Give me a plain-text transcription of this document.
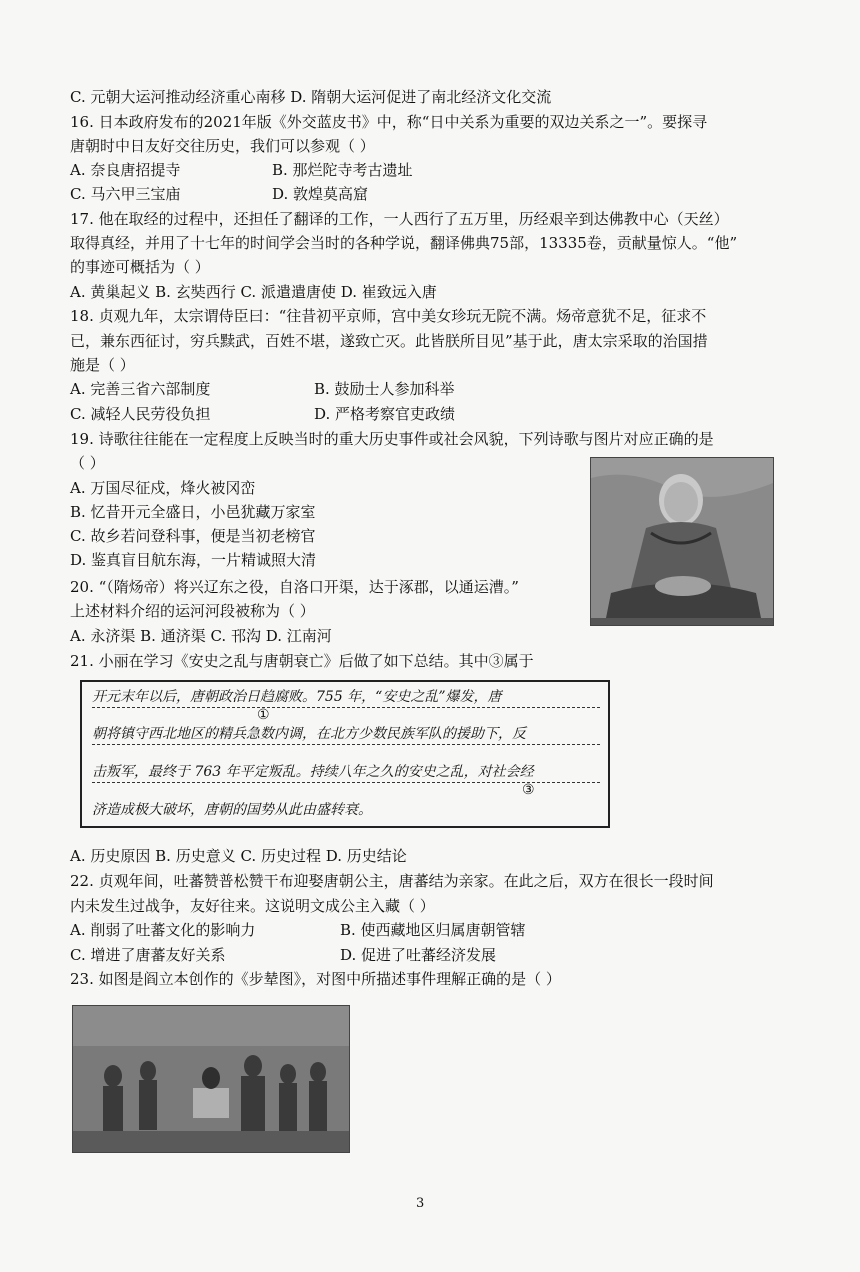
C. 元朝大运河推动经济重心南移 D. 隋朝大运河促进了南北经济文化交流
16. 日本政府发布的2021年版《外交蓝皮书》中，称“日中关系为重要的双边关系之一”。要探寻
唐朝时中日友好交往历史，我们可以参观（ ）
A. 奈良唐招提寺	B. 那烂陀寺考古遗址
C. 马六甲三宝庙	D. 敦煌莫高窟
17. 他在取经的过程中，还担任了翻译的工作，一人西行了五万里，历经艰辛到达佛教中心（天丝）
取得真经，并用了十七年的时间学会当时的各种学说，翻译佛典75部，13335卷，贡献量惊人。“他”
的事迹可概括为（ ）
A. 黄巢起义 B. 玄奘西行 C. 派遣遣唐使 D. 崔致远入唐
18. 贞观九年，太宗谓侍臣曰：“往昔初平京师，宫中美女珍玩无院不满。炀帝意犹不足，征求不
已，兼东西征讨，穷兵黩武，百姓不堪，遂致亡灭。此皆朕所目见”基于此，唐太宗采取的治国措
施是（ ）
A. 完善三省六部制度	B. 鼓励士人参加科举
C. 减轻人民劳役负担	D. 严格考察官吏政绩
19. 诗歌往往能在一定程度上反映当时的重大历史事件或社会风貌，下列诗歌与图片对应正确的是
（ ）
A. 万国尽征戍，烽火被冈峦
B. 忆昔开元全盛日，小邑犹藏万家室
C. 故乡若问登科事，便是当初老榜官
D. 鉴真盲目航东海，一片精诚照大清
20. “（隋炀帝）将兴辽东之役，自洛口开渠，达于涿郡，以通运漕。”
上述材料介绍的运河河段被称为（ ）
A. 永济渠 B. 通济渠 C. 邗沟 D. 江南河
21. 小丽在学习《安史之乱与唐朝衰亡》后做了如下总结。其中③属于
开元末年以后，唐朝政治日趋腐败。755 年，“安史之乱”爆发，唐
①
朝将镇守西北地区的精兵急数内调，在北方少数民族军队的援助下，反
击叛军，最终于 763 年平定叛乱。持续八年之久的安史之乱，对社会经
③
济造成极大破坏，唐朝的国势从此由盛转衰。
A. 历史原因 B. 历史意义 C. 历史过程 D. 历史结论
22. 贞观年间，吐蕃赞普松赞干布迎娶唐朝公主，唐蕃结为亲家。在此之后，双方在很长一段时间
内未发生过战争，友好往来。这说明文成公主入藏（ ）
A. 削弱了吐蕃文化的影响力	B. 使西藏地区归属唐朝管辖
C. 增进了唐蕃友好关系	D. 促进了吐蕃经济发展
23. 如图是阎立本创作的《步辇图》，对图中所描述事件理解正确的是（ ）
3
